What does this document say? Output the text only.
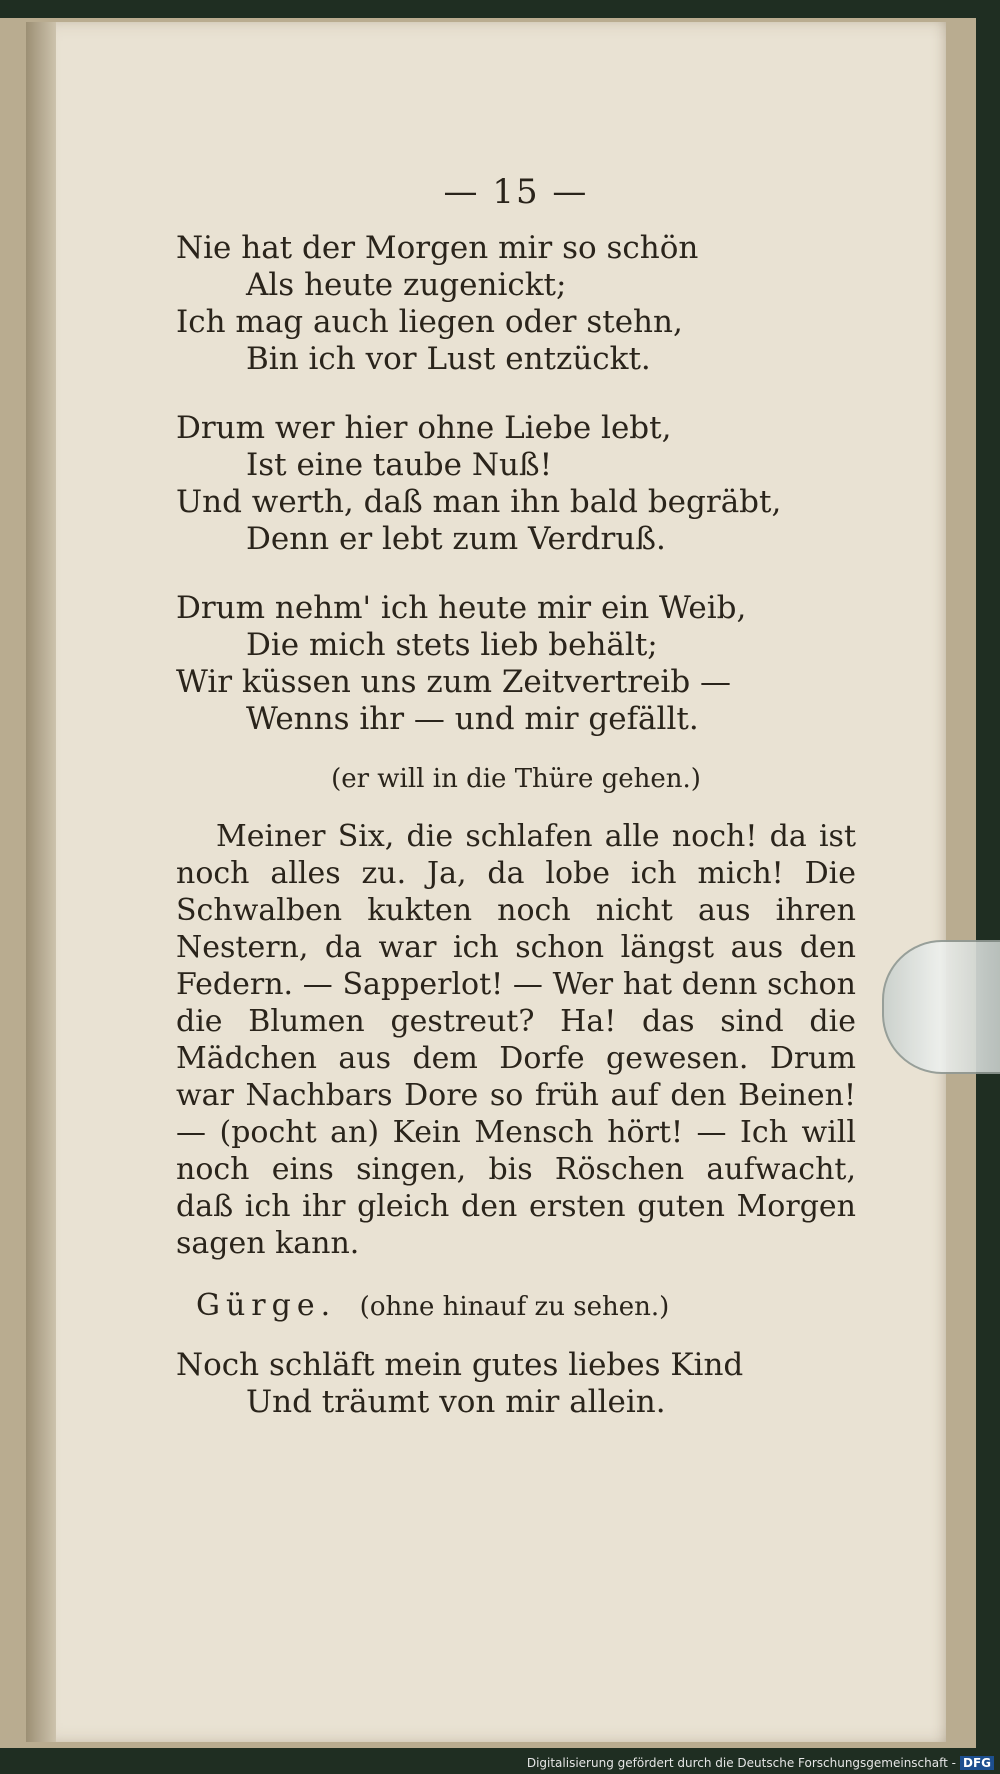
— 15 —
Nie hat der Morgen mir so schön
Als heute zugenickt;
Ich mag auch liegen oder stehn,
Bin ich vor Lust entzückt.
Drum wer hier ohne Liebe lebt,
Ist eine taube Nuß!
Und werth, daß man ihn bald begräbt,
Denn er lebt zum Verdruß.
Drum nehm' ich heute mir ein Weib,
Die mich stets lieb behält;
Wir küssen uns zum Zeitvertreib —
Wenns ihr — und mir gefällt.
(er will in die Thüre gehen.)
Meiner Six, die schlafen alle noch! da ist noch alles zu. Ja, da lobe ich mich! Die Schwalben kukten noch nicht aus ihren Nestern, da war ich schon längst aus den Federn. — Sapperlot! — Wer hat denn schon die Blumen gestreut? Ha! das sind die Mädchen aus dem Dorfe gewesen. Drum war Nachbars Dore so früh auf den Beinen! — (pocht an) Kein Mensch hört! — Ich will noch eins singen, bis Röschen aufwacht, daß ich ihr gleich den ersten guten Morgen sagen kann.
Gürge. (ohne hinauf zu sehen.)
Noch schläft mein gutes liebes Kind
Und träumt von mir allein.
Digitalisierung gefördert durch die Deutsche Forschungsgemeinschaft - DFG
